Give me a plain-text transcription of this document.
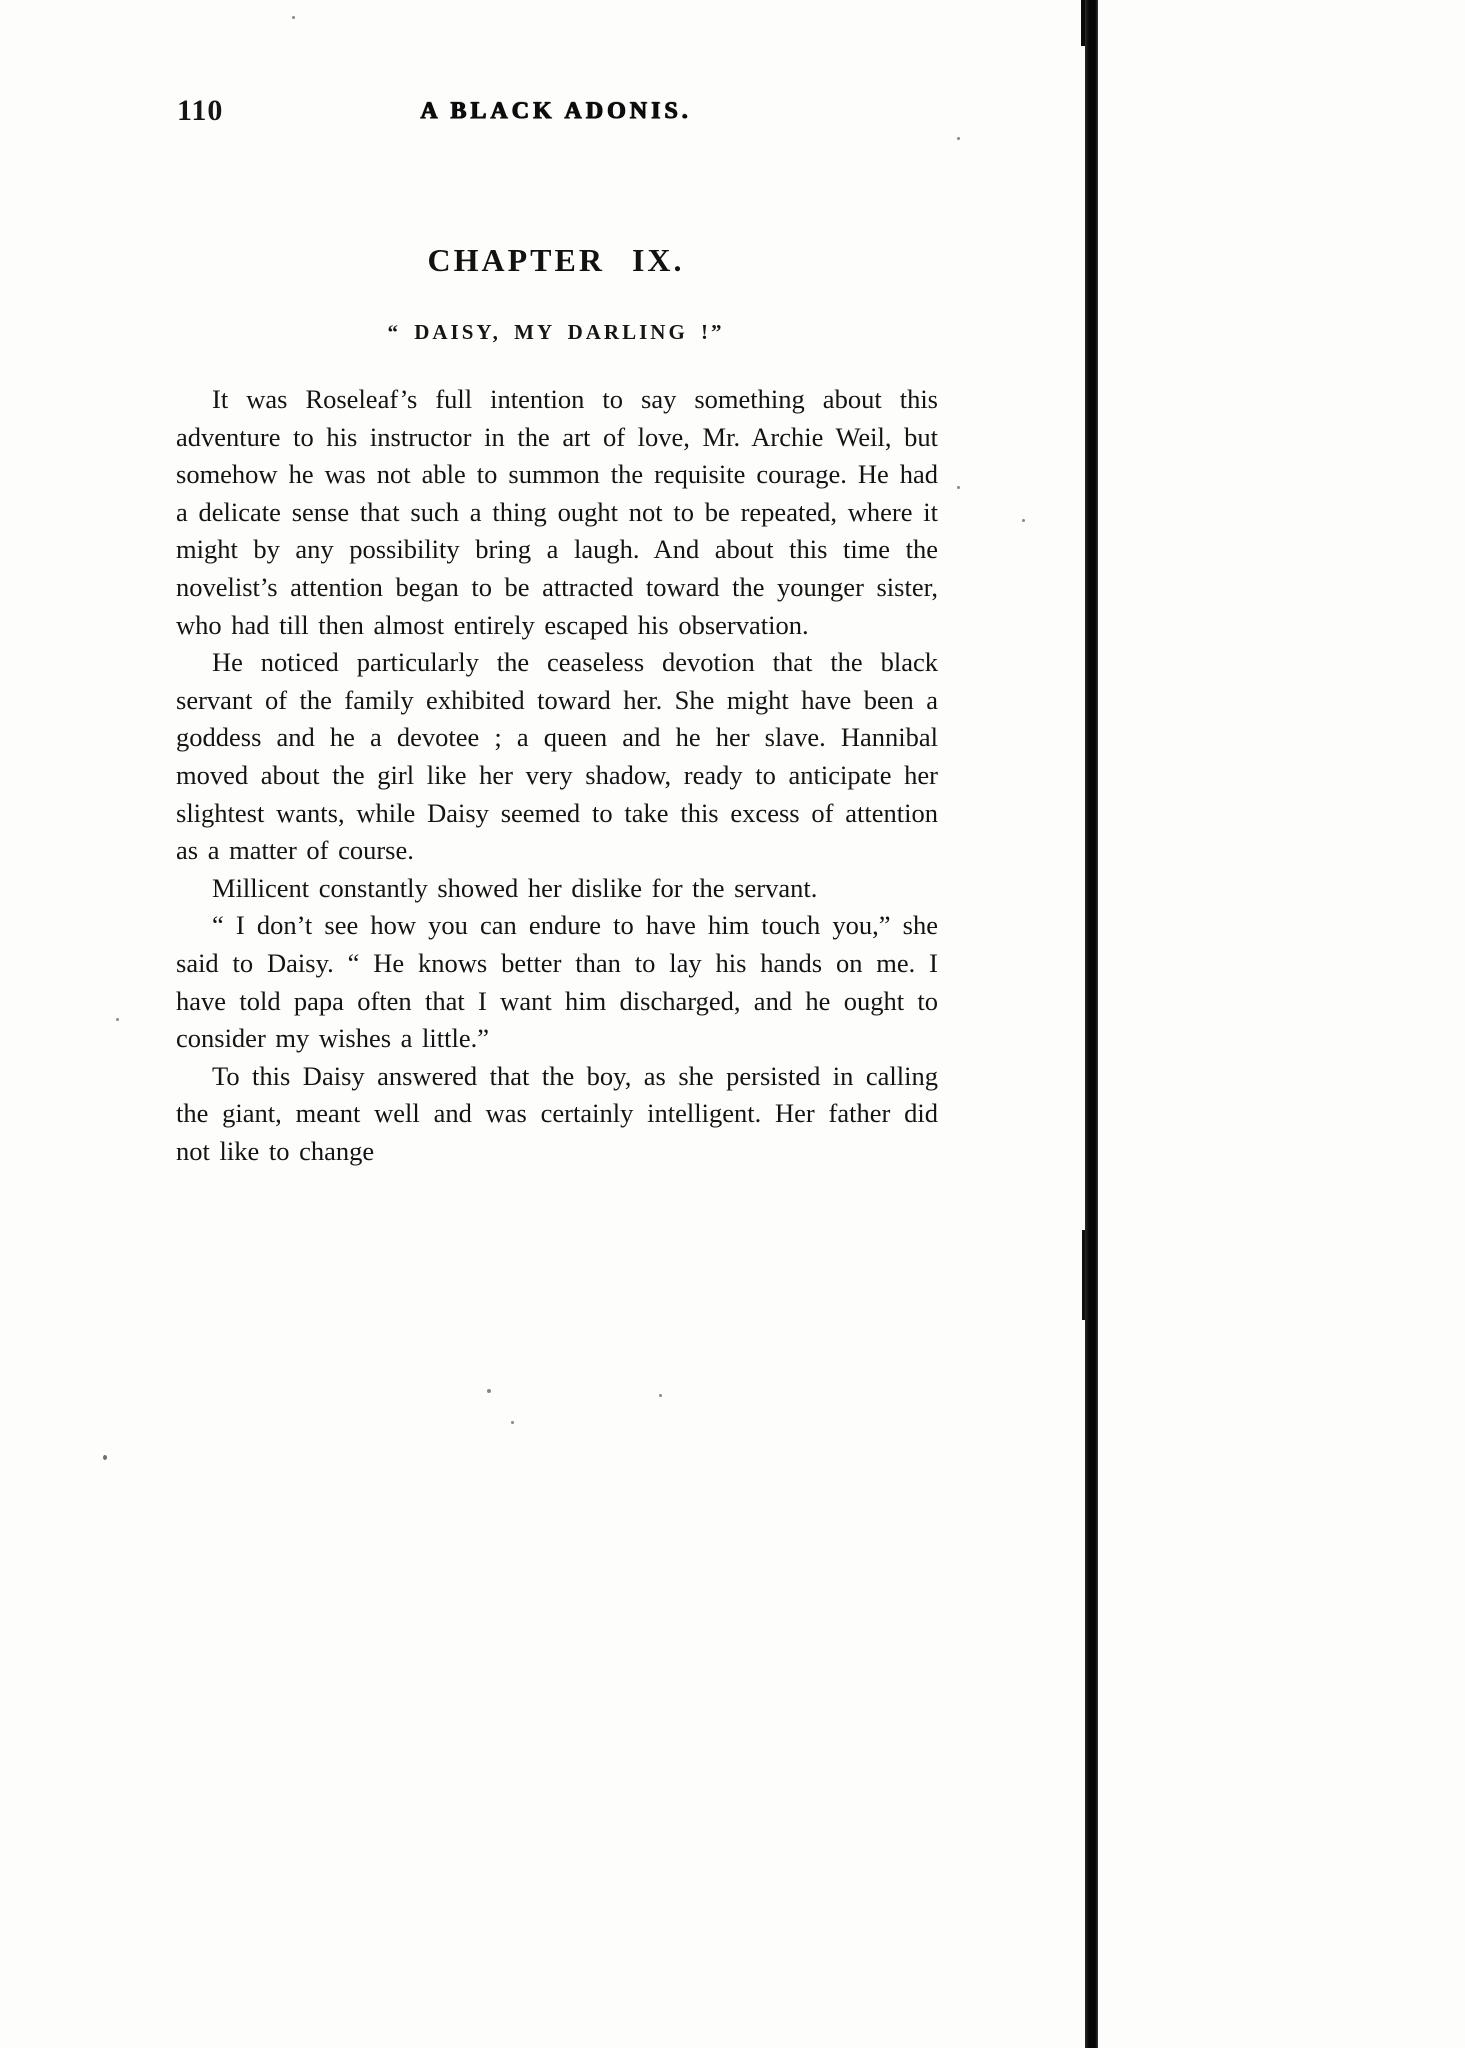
110	A BLACK ADONIS.
CHAPTER IX.
“ DAISY, MY DARLING !”

It was Roseleaf’s full intention to say something about this adventure to his instructor in the art of love, Mr. Archie Weil, but somehow he was not able to summon the requisite courage. He had a delicate sense that such a thing ought not to be repeated, where it might by any possibility bring a laugh. And about this time the novelist’s attention began to be attracted toward the younger sister, who had till then almost entirely escaped his observation.

He noticed particularly the ceaseless devotion that the black servant of the family exhibited toward her. She might have been a goddess and he a devotee ; a queen and he her slave. Hannibal moved about the girl like her very shadow, ready to anticipate her slightest wants, while Daisy seemed to take this excess of attention as a matter of course.

Millicent constantly showed her dislike for the servant.

“ I don’t see how you can endure to have him touch you,” she said to Daisy. “ He knows better than to lay his hands on me. I have told papa often that I want him discharged, and he ought to consider my wishes a little.”

To this Daisy answered that the boy, as she persisted in calling the giant, meant well and was certainly intelligent. Her father did not like to change
